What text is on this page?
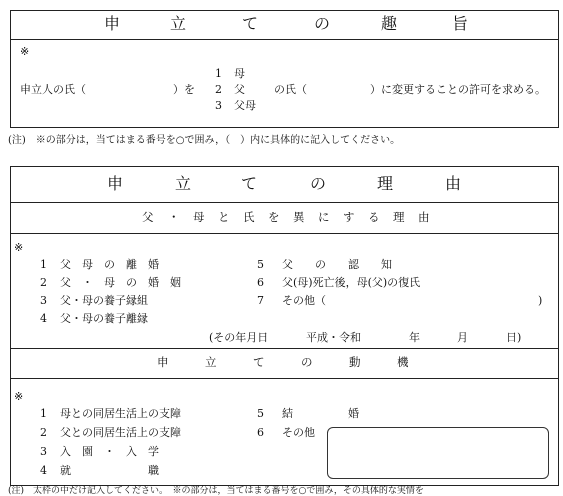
申	立	て	の	趣	旨
※
1 母
2 父
3 父母
申立人の氏（	）を	の氏（	）に変更することの許可を求める。
(注)　※の部分は，当てはまる番号を○で囲み，（　）内に具体的に記入してください。
申	立	て	の	理	由
父 ・ 母 と 氏 を 異 に す る 理 由
※
1 父　母　の　離　婚
2 父　・　母　の　婚　姻
3 父・母の養子縁組
4 父・母の養子離縁
5 父　　の　　認　　知
6 父(母)死亡後，母(父)の復氏
7 その他（	)
(その年月日	平成・令和	年	月	日)
申	立	て	の	動	機
※
1 母との同居生活上の支障
2 父との同居生活上の支障
3 入　園　・　入　学
4 就　　　　　　　職
5 結　　　　　婚
6 その他
(注)　太枠の中だけ記入してください。　※の部分は，当てはまる番号を○で囲み，その具体的な実情を
